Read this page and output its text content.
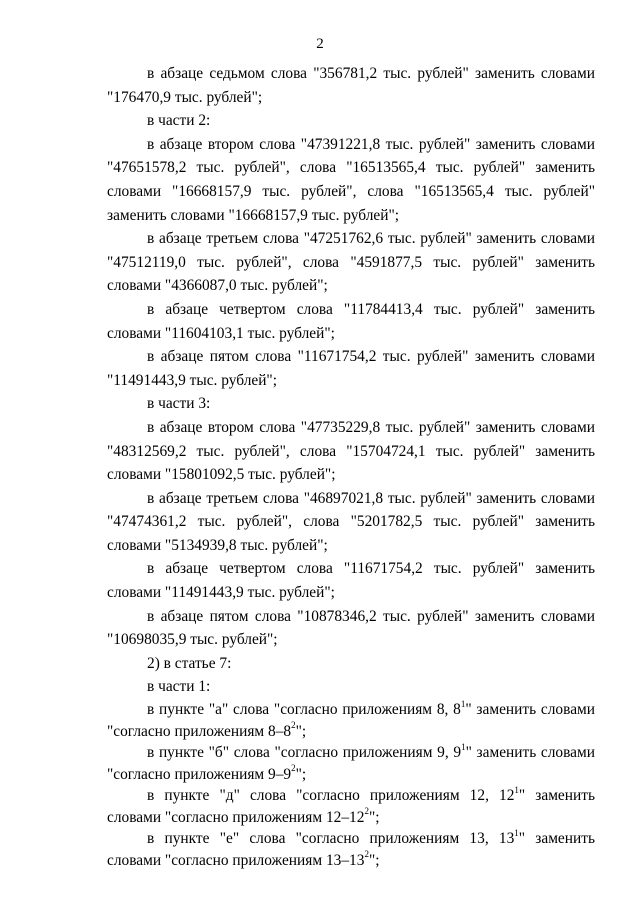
2

в абзаце седьмом слова "356781,2 тыс. рублей" заменить словами "176470,9 тыс. рублей";

в части 2:

в абзаце втором слова "47391221,8 тыс. рублей" заменить словами "47651578,2 тыс. рублей", слова "16513565,4 тыс. рублей" заменить словами "16668157,9 тыс. рублей", слова "16513565,4 тыс. рублей" заменить словами "16668157,9 тыс. рублей";

в абзаце третьем слова "47251762,6 тыс. рублей" заменить словами "47512119,0 тыс. рублей", слова "4591877,5 тыс. рублей" заменить словами "4366087,0 тыс. рублей";

в абзаце четвертом слова "11784413,4 тыс. рублей" заменить словами "11604103,1 тыс. рублей";

в абзаце пятом слова "11671754,2 тыс. рублей" заменить словами "11491443,9 тыс. рублей";

в части 3:

в абзаце втором слова "47735229,8 тыс. рублей" заменить словами "48312569,2 тыс. рублей", слова "15704724,1 тыс. рублей" заменить словами "15801092,5 тыс. рублей";

в абзаце третьем слова "46897021,8 тыс. рублей" заменить словами "47474361,2 тыс. рублей", слова "5201782,5 тыс. рублей" заменить словами "5134939,8 тыс. рублей";

в абзаце четвертом слова "11671754,2 тыс. рублей" заменить словами "11491443,9 тыс. рублей";

в абзаце пятом слова "10878346,2 тыс. рублей" заменить словами "10698035,9 тыс. рублей";

2) в статье 7:

в части 1:

в пункте "а" слова "согласно приложениям 8, $8^1$" заменить словами "согласно приложениям $8-8^2$";

в пункте "б" слова "согласно приложениям 9, $9^1$" заменить словами "согласно приложениям $9-9^2$";

в пункте "д" слова "согласно приложениям 12, $12^1$" заменить словами "согласно приложениям $12-12^2$";

в пункте "е" слова "согласно приложениям 13, $13^1$" заменить словами "согласно приложениям $13-13^2$";
